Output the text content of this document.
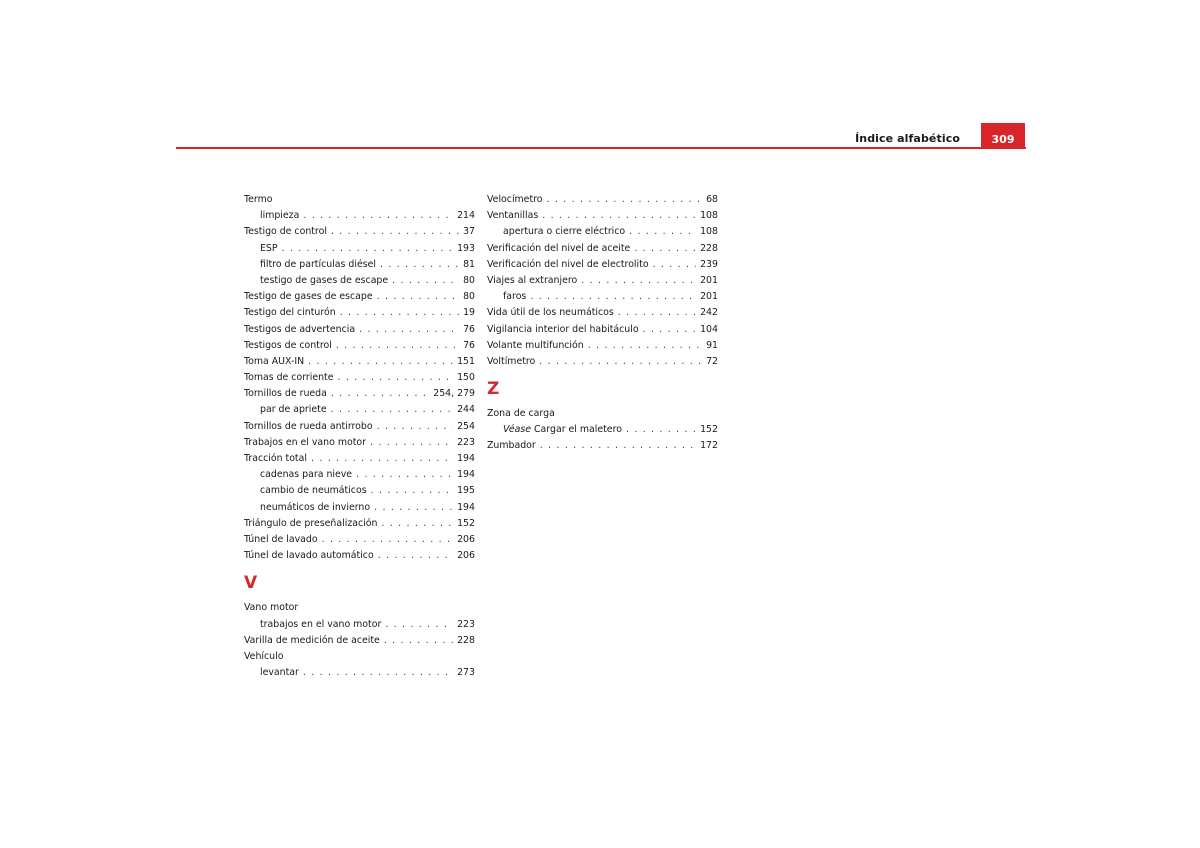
Índice alfabético	309
Termo
limpieza . . .	214
Testigo de control . . .	37
ESP . . .	193
filtro de partículas diésel . . .	81
testigo de gases de escape . . .	80
Testigo de gases de escape . . .	80
Testigo del cinturón . . .	19
Testigos de advertencia . . .	76
Testigos de control . . .	76
Toma AUX-IN . . .	151
Tomas de corriente . . .	150
Tornillos de rueda . . .	254, 279
par de apriete . . .	244
Tornillos de rueda antirrobo . . .	254
Trabajos en el vano motor . . .	223
Tracción total . . .	194
cadenas para nieve . . .	194
cambio de neumáticos . . .	195
neumáticos de invierno . . .	194
Triángulo de preseñalización . . .	152
Túnel de lavado . . .	206
Túnel de lavado automático . . .	206
V
Vano motor
trabajos en el vano motor . . .	223
Varilla de medición de aceite . . .	228
Vehículo
levantar . . .	273
Velocímetro . . .	68
Ventanillas . . .	108
apertura o cierre eléctrico . . .	108
Verificación del nivel de aceite . . .	228
Verificación del nivel de electrolito . . .	239
Viajes al extranjero . . .	201
faros . . .	201
Vida útil de los neumáticos . . .	242
Vigilancia interior del habitáculo . . .	104
Volante multifunción . . .	91
Voltímetro . . .	72
Z
Zona de carga
Véase
Cargar el maletero . . .	152
Zumbador . . .	172
